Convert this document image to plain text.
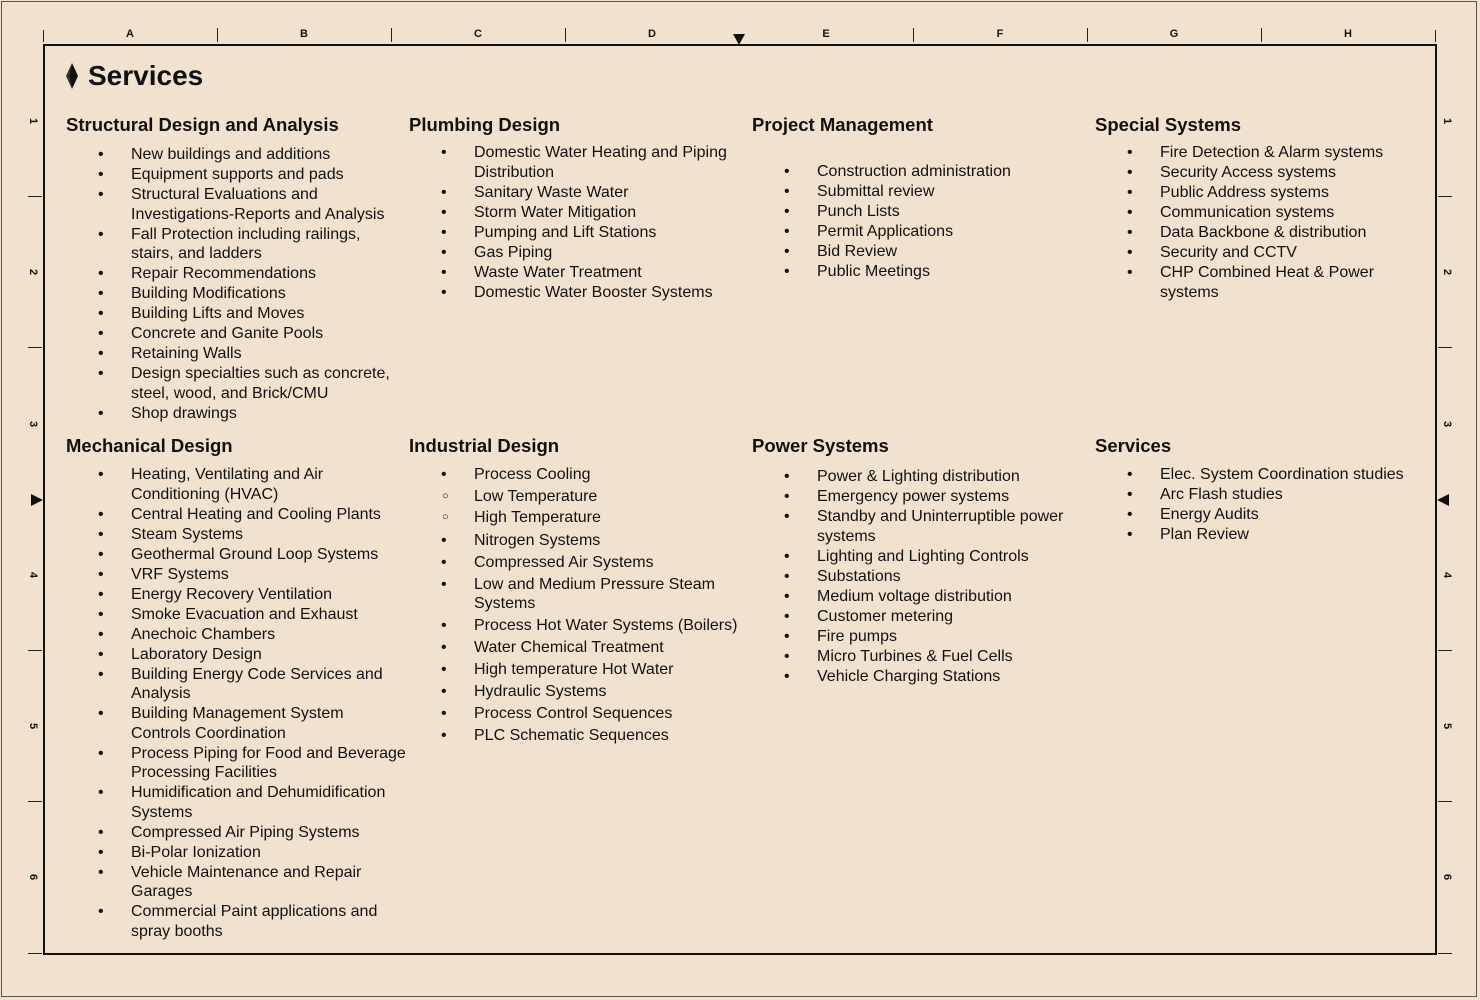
A	B	C	D	E	F	G	H
1
2
3
4
5
6
1
2
3
4
5
6
Services
Structural Design and Analysis
• New buildings and additions
• Equipment supports and pads
• Structural Evaluations and Investigations-Reports and Analysis
• Fall Protection including railings, stairs, and ladders
• Repair Recommendations
• Building Modifications
• Building Lifts and Moves
• Concrete and Ganite Pools
• Retaining Walls
• Design specialties such as concrete, steel, wood, and Brick/CMU
• Shop drawings
Plumbing Design
• Domestic Water Heating and Piping Distribution
• Sanitary Waste Water
• Storm Water Mitigation
• Pumping and Lift Stations
• Gas Piping
• Waste Water Treatment
• Domestic Water Booster Systems
Project Management
• Construction administration
• Submittal review
• Punch Lists
• Permit Applications
• Bid Review
• Public Meetings
Special Systems
• Fire Detection & Alarm systems
• Security Access systems
• Public Address systems
• Communication systems
• Data Backbone & distribution
• Security and CCTV
• CHP Combined Heat & Power systems
Mechanical Design
• Heating, Ventilating and Air Conditioning (HVAC)
• Central Heating and Cooling Plants
• Steam Systems
• Geothermal Ground Loop Systems
• VRF Systems
• Energy Recovery Ventilation
• Smoke Evacuation and Exhaust
• Anechoic Chambers
• Laboratory Design
• Building Energy Code Services and Analysis
• Building Management System Controls Coordination
• Process Piping for Food and Beverage Processing Facilities
• Humidification and Dehumidification Systems
• Compressed Air Piping Systems
• Bi-Polar Ionization
• Vehicle Maintenance and Repair Garages
• Commercial Paint applications and spray booths
Industrial Design
• Process Cooling
○ Low Temperature
○ High Temperature
• Nitrogen Systems
• Compressed Air Systems
• Low and Medium Pressure Steam Systems
• Process Hot Water Systems (Boilers)
• Water Chemical Treatment
• High temperature Hot Water
• Hydraulic Systems
• Process Control Sequences
• PLC Schematic Sequences
Power Systems
• Power & Lighting distribution
• Emergency power systems
• Standby and Uninterruptible power systems
• Lighting and Lighting Controls
• Substations
• Medium voltage distribution
• Customer metering
• Fire pumps
• Micro Turbines & Fuel Cells
• Vehicle Charging Stations
Services
• Elec. System Coordination studies
• Arc Flash studies
• Energy Audits
• Plan Review
